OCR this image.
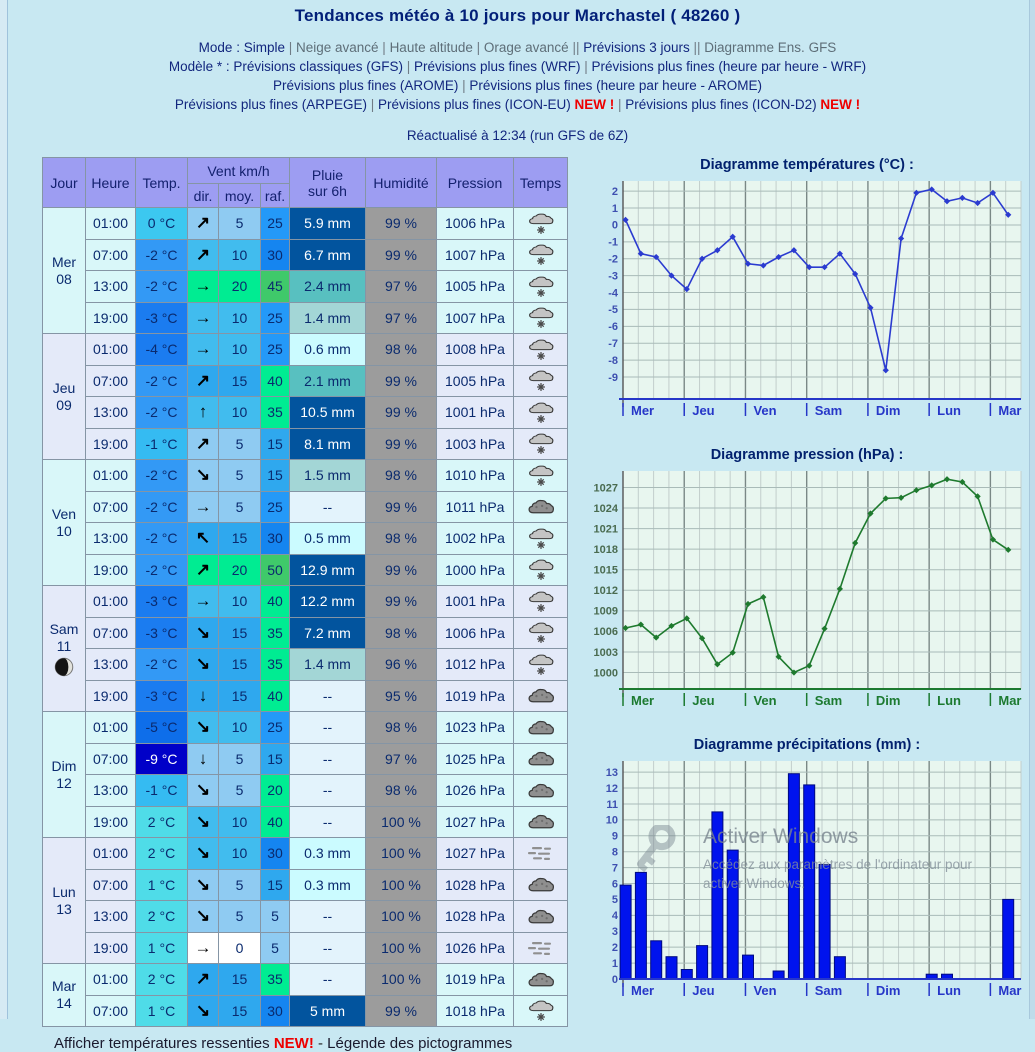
Tendances météo à 10 jours pour Marchastel ( 48260 )
Mode : Simple | Neige avancé | Haute altitude | Orage avancé || Prévisions 3 jours || Diagramme Ens. GFS
Modèle * : Prévisions classiques (GFS) | Prévisions plus fines (WRF) | Prévisions plus fines (heure par heure - WRF)
Prévisions plus fines (AROME) | Prévisions plus fines (heure par heure - AROME)
Prévisions plus fines (ARPEGE) | Prévisions plus fines (ICON-EU) NEW ! | Prévisions plus fines (ICON-D2) NEW !
Réactualisé à 12:34 (run GFS de 6Z)
Jour	Heure	Temp.	Vent km/h			Pluie
sur 6h	Humidité	Pression	Temps
			dir.	moy.	raf.				

Mer
08	01:00	0 °C	↗	5	25	5.9 mm	99 %	1006 hPa	

	07:00	-2 °C	↗	10	30	6.7 mm	99 %	1007 hPa	

	13:00	-2 °C	→	20	45	2.4 mm	97 %	1005 hPa	

	19:00	-3 °C	→	10	25	1.4 mm	97 %	1007 hPa	

Jeu
09	01:00	-4 °C	→	10	25	0.6 mm	98 %	1008 hPa	

	07:00	-2 °C	↗	15	40	2.1 mm	99 %	1005 hPa	

	13:00	-2 °C	↑	10	35	10.5 mm	99 %	1001 hPa	

	19:00	-1 °C	↗	5	15	8.1 mm	99 %	1003 hPa	

Ven
10	01:00	-2 °C	↘	5	15	1.5 mm	98 %	1010 hPa	

	07:00	-2 °C	→	5	25	--	99 %	1011 hPa	

	13:00	-2 °C	↖	15	30	0.5 mm	98 %	1002 hPa	

	19:00	-2 °C	↗	20	50	12.9 mm	99 %	1000 hPa	

Sam
11	01:00	-3 °C	→	10	40	12.2 mm	99 %	1001 hPa	

	07:00	-3 °C	↘	15	35	7.2 mm	98 %	1006 hPa	

	13:00	-2 °C	↘	15	35	1.4 mm	96 %	1012 hPa	

	19:00	-3 °C	↓	15	40	--	95 %	1019 hPa	

Dim
12	01:00	-5 °C	↘	10	25	--	98 %	1023 hPa	

	07:00	-9 °C	↓	5	15	--	97 %	1025 hPa	

	13:00	-1 °C	↘	5	20	--	98 %	1026 hPa	

	19:00	2 °C	↘	10	40	--	100 %	1027 hPa	

Lun
13	01:00	2 °C	↘	10	30	0.3 mm	100 %	1027 hPa	

	07:00	1 °C	↘	5	15	0.3 mm	100 %	1028 hPa	

	13:00	2 °C	↘	5	5	--	100 %	1028 hPa	

	19:00	1 °C	→	0	5	--	100 %	1026 hPa	

Mar
14	01:00	2 °C	↗	15	35	--	100 %	1019 hPa	

	07:00	1 °C	↘	15	30	5 mm	99 %	1018 hPa	
Diagramme températures (°C) :
2
1
0
-1
-2
-3
-4
-5
-6
-7
-8
-9
Mer	Jeu	Ven	Sam	Dim	Lun	Mar
Diagramme pression (hPa) :
1027
1024
1021
1018
1015
1012
1009
1006
1003
1000
Mer	Jeu	Ven	Sam	Dim	Lun	Mar
Diagramme précipitations (mm) :
13
12
11
10
9
8
7
6
5
4
3
2
1
0
Mer	Jeu	Ven	Sam	Dim	Lun	Mar
Activer Windows
Accédez aux paramètres de l'ordinateur pour
activer Windows.
Afficher températures ressenties NEW! - Légende des pictogrammes
